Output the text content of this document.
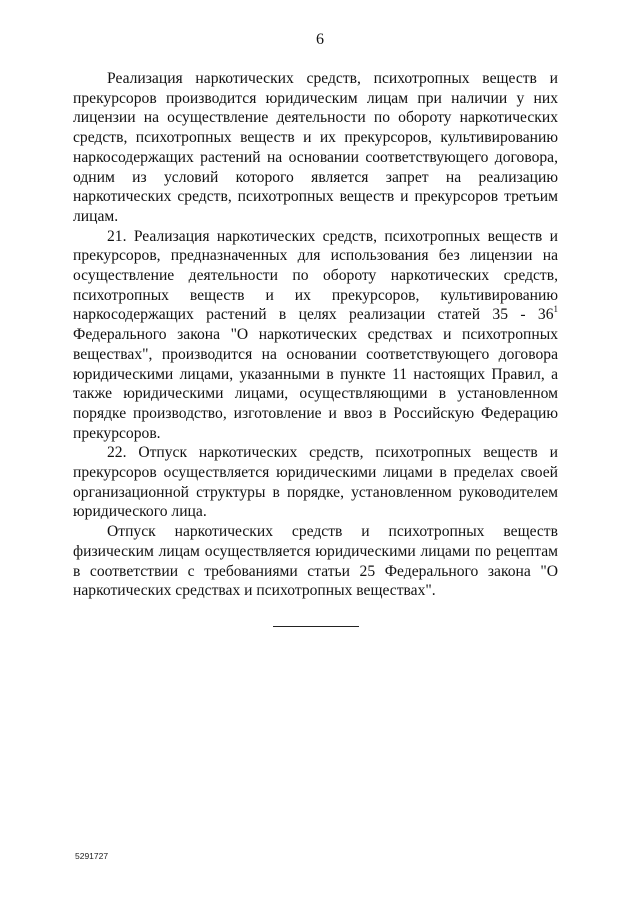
6

Реализация наркотических средств, психотропных веществ и прекурсоров производится юридическим лицам при наличии у них лицензии на осуществление деятельности по обороту наркотических средств, психотропных веществ и их прекурсоров, культивированию наркосодержащих растений на основании соответствующего договора, одним из условий которого является запрет на реализацию наркотических средств, психотропных веществ и прекурсоров третьим лицам.

21. Реализация наркотических средств, психотропных веществ и прекурсоров, предназначенных для использования без лицензии на осуществление деятельности по обороту наркотических средств, психотропных веществ и их прекурсоров, культивированию наркосодержащих растений в целях реализации статей $35 - 36^1$ Федерального закона "О наркотических средствах и психотропных веществах", производится на основании соответствующего договора юридическими лицами, указанными в пункте 11 настоящих Правил, а также юридическими лицами, осуществляющими в установленном порядке производство, изготовление и ввоз в Российскую Федерацию прекурсоров.

22. Отпуск наркотических средств, психотропных веществ и прекурсоров осуществляется юридическими лицами в пределах своей организационной структуры в порядке, установленном руководителем юридического лица.

Отпуск наркотических средств и психотропных веществ физическим лицам осуществляется юридическими лицами по рецептам в соответствии с требованиями статьи 25 Федерального закона "О наркотических средствах и психотропных веществах".

5291727
